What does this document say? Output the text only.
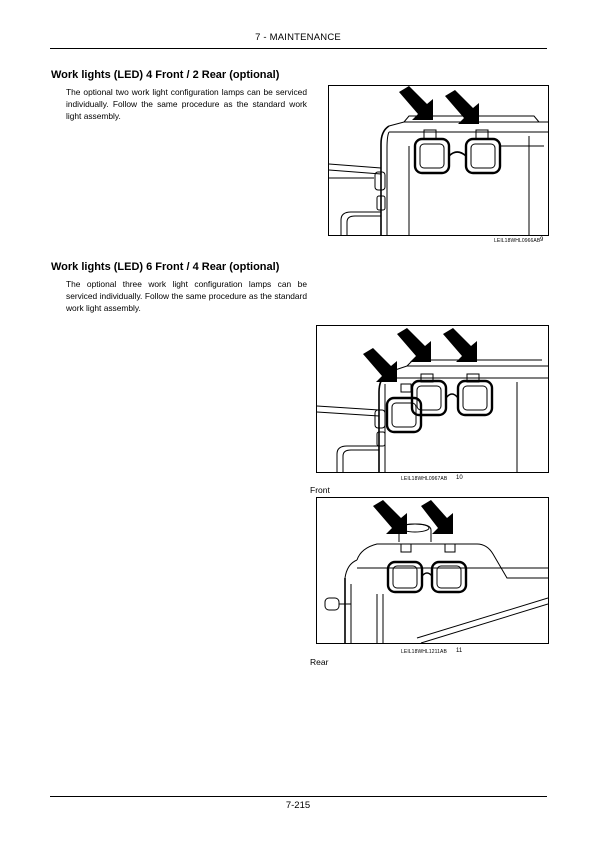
7 - MAINTENANCE
Work lights (LED) 4 Front / 2 Rear (optional)
The optional two work light configuration lamps can be serviced individually. Follow the same procedure as the standard work light assembly.
LEIL18WHL0966AB 9
Work lights (LED) 6 Front / 4 Rear (optional)
The optional three work light configuration lamps can be serviced individually. Follow the same procedure as the standard work light assembly.
LEIL18WHL0967AB 10
Front
LEIL18WHL1211AB 11
Rear
7-215
